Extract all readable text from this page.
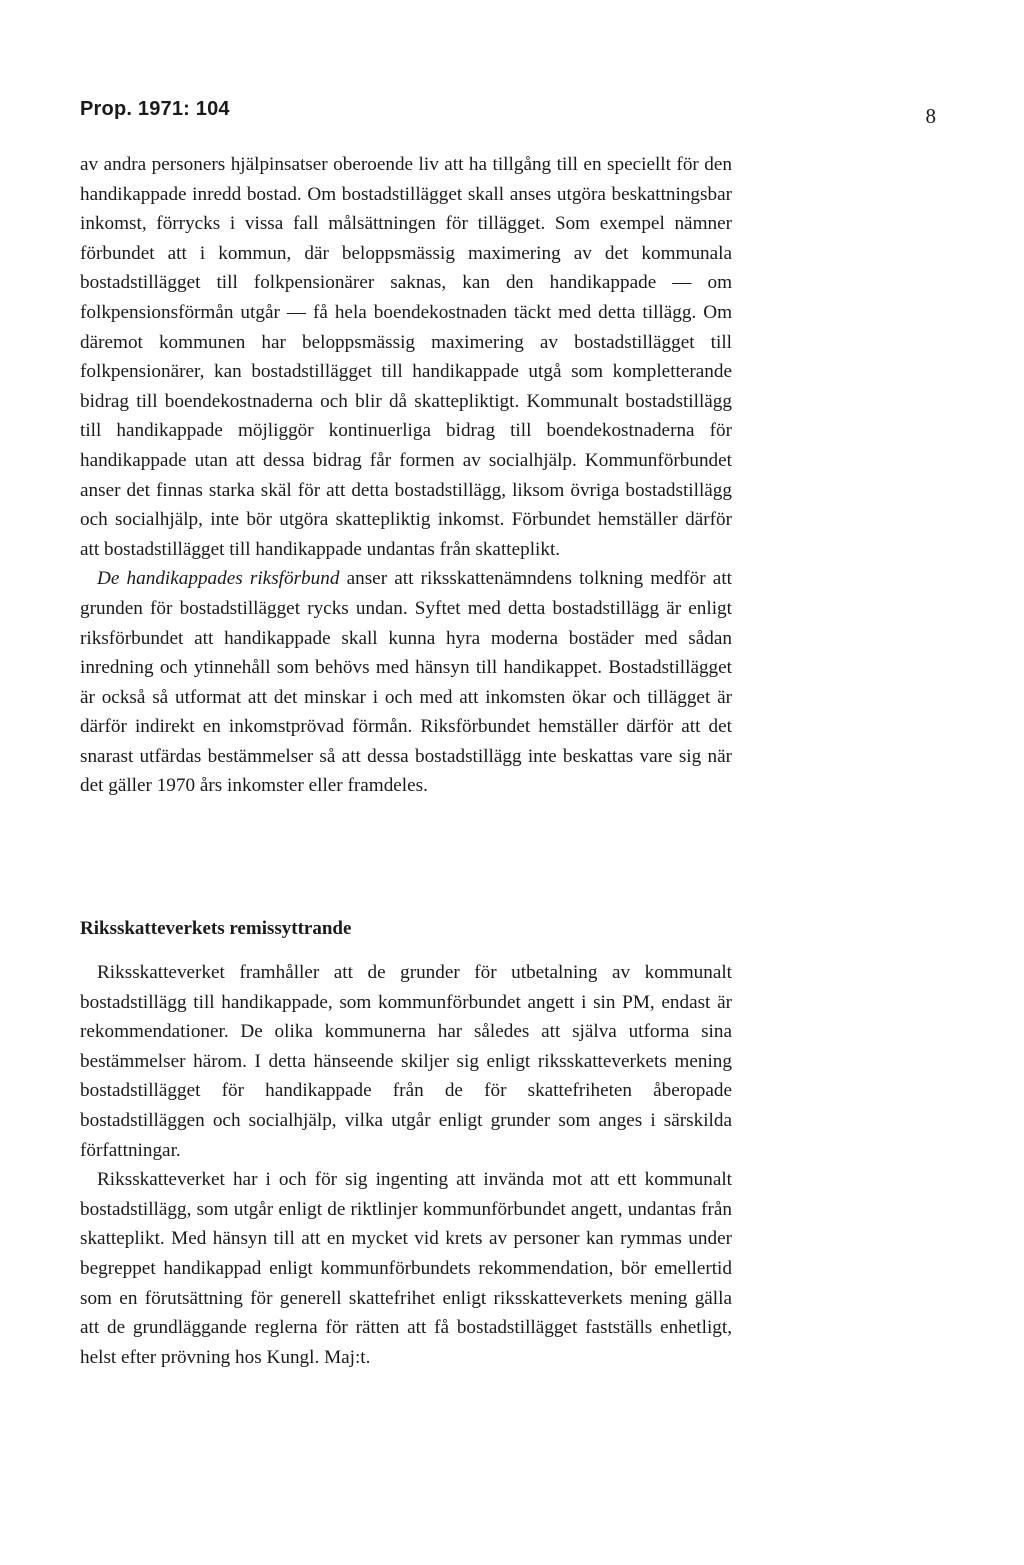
Prop. 1971: 104	8

av andra personers hjälpinsatser oberoende liv att ha tillgång till en speciellt för den handikappade inredd bostad. Om bostadstillägget skall anses utgöra beskattningsbar inkomst, förrycks i vissa fall målsättningen för tillägget. Som exempel nämner förbundet att i kommun, där beloppsmässig maximering av det kommunala bostadstillägget till folkpensionärer saknas, kan den handikappade — om folkpensionsförmån utgår — få hela boendekostnaden täckt med detta tillägg. Om däremot kommunen har beloppsmässig maximering av bostadstillägget till folkpensionärer, kan bostadstillägget till handikappade utgå som kompletterande bidrag till boendekostnaderna och blir då skattepliktigt. Kommunalt bostadstillägg till handikappade möjliggör kontinuerliga bidrag till boendekostnaderna för handikappade utan att dessa bidrag får formen av socialhjälp. Kommunförbundet anser det finnas starka skäl för att detta bostadstillägg, liksom övriga bostadstillägg och socialhjälp, inte bör utgöra skattepliktig inkomst. Förbundet hemställer därför att bostadstillägget till handikappade undantas från skatteplikt.

De handikappades riksförbund anser att riksskattenämndens tolkning medför att grunden för bostadstillägget rycks undan. Syftet med detta bostadstillägg är enligt riksförbundet att handikappade skall kunna hyra moderna bostäder med sådan inredning och ytinnehåll som behövs med hänsyn till handikappet. Bostadstillägget är också så utformat att det minskar i och med att inkomsten ökar och tillägget är därför indirekt en inkomstprövad förmån. Riksförbundet hemställer därför att det snarast utfärdas bestämmelser så att dessa bostadstillägg inte beskattas vare sig när det gäller 1970 års inkomster eller framdeles.

Riksskatteverkets remissyttrande

Riksskatteverket framhåller att de grunder för utbetalning av kommunalt bostadstillägg till handikappade, som kommunförbundet angett i sin PM, endast är rekommendationer. De olika kommunerna har således att själva utforma sina bestämmelser härom. I detta hänseende skiljer sig enligt riksskatteverkets mening bostadstillägget för handikappade från de för skattefriheten åberopade bostadstilläggen och socialhjälp, vilka utgår enligt grunder som anges i särskilda författningar.

Riksskatteverket har i och för sig ingenting att invända mot att ett kommunalt bostadstillägg, som utgår enligt de riktlinjer kommunförbundet angett, undantas från skatteplikt. Med hänsyn till att en mycket vid krets av personer kan rymmas under begreppet handikappad enligt kommunförbundets rekommendation, bör emellertid som en förutsättning för generell skattefrihet enligt riksskatteverkets mening gälla att de grundläggande reglerna för rätten att få bostadstillägget fastställs enhetligt, helst efter prövning hos Kungl. Maj:t.
